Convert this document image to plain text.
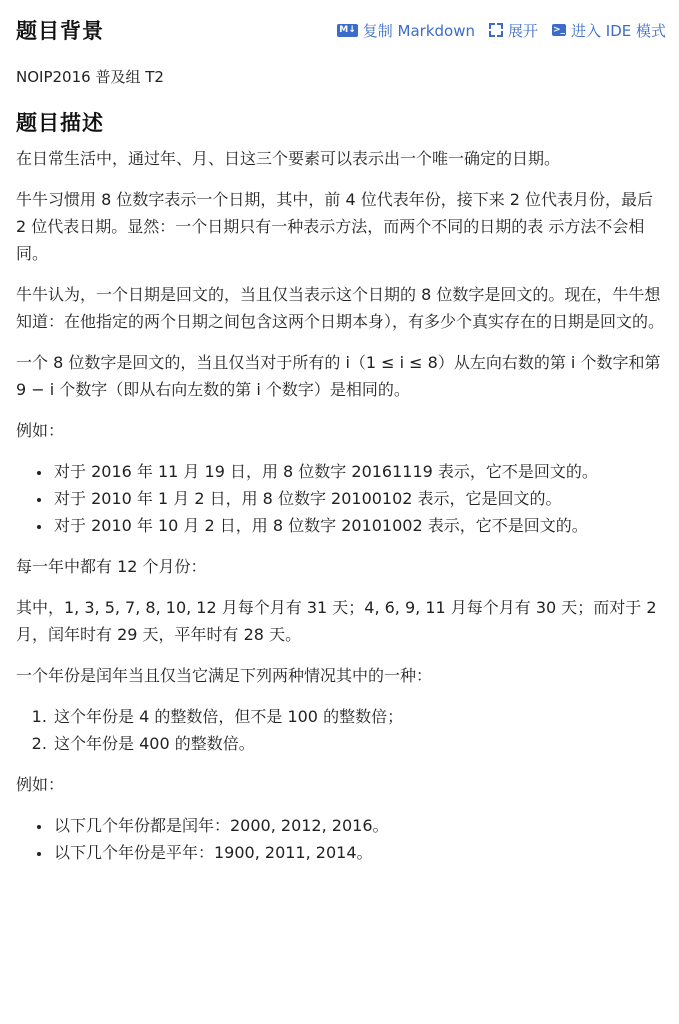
题目背景	M↓ 复制 Markdown 展开 >_ 进入 IDE 模式

NOIP2016 普及组 T2

题目描述

在日常生活中，通过年、月、日这三个要素可以表示出一个唯一确定的日期。

牛牛习惯用 8 位数字表示一个日期，其中，前 4 位代表年份，接下来 2 位代表月份，最后 2 位代表日期。显然：一个日期只有一种表示方法，而两个不同的日期的表 示方法不会相同。

牛牛认为，一个日期是回文的，当且仅当表示这个日期的 8 位数字是回文的。现在，牛牛想知道：在他指定的两个日期之间包含这两个日期本身），有多少个真实存在的日期是回文的。

一个 8 位数字是回文的，当且仅当对于所有的 i（1 ≤ i ≤ 8）从左向右数的第 i 个数字和第 9 − i 个数字（即从右向左数的第 i 个数字）是相同的。

例如：

• 对于 2016 年 11 月 19 日，用 8 位数字 20161119 表示，它不是回文的。
• 对于 2010 年 1 月 2 日，用 8 位数字 20100102 表示，它是回文的。
• 对于 2010 年 10 月 2 日，用 8 位数字 20101002 表示，它不是回文的。

每一年中都有 12 个月份：

其中，1, 3, 5, 7, 8, 10, 12 月每个月有 31 天；4, 6, 9, 11 月每个月有 30 天；而对于 2 月，闰年时有 29 天，平年时有 28 天。

一个年份是闰年当且仅当它满足下列两种情况其中的一种：

1. 这个年份是 4 的整数倍，但不是 100 的整数倍；
2. 这个年份是 400 的整数倍。

例如：

• 以下几个年份都是闰年：2000, 2012, 2016。
• 以下几个年份是平年：1900, 2011, 2014。
